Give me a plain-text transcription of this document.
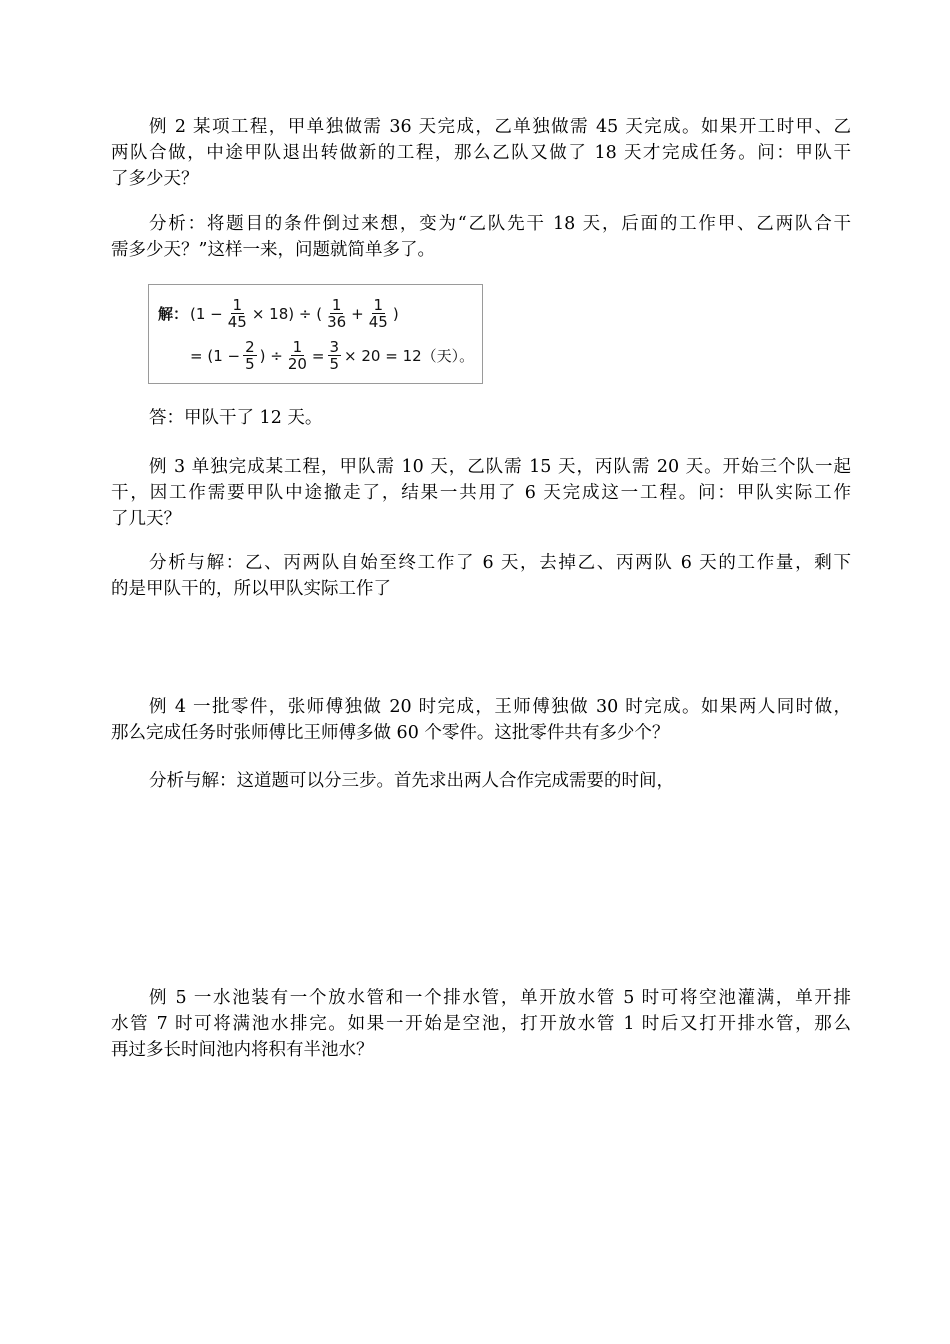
例 2 某项工程，甲单独做需 36 天完成，乙单独做需 45 天完成。如果开工时甲、乙
两队合做，中途甲队退出转做新的工程，那么乙队又做了 18 天才完成任务。问：甲队干
了多少天？

分析：将题目的条件倒过来想，变为“乙队先干 18 天，后面的工作甲、乙两队合干
需多少天？”这样一来，问题就简单多了。

解： $(1 - \frac{1}{45} \times 18)$ ÷ ( $\frac{1}{36} + \frac{1}{45}$ )
= ($1 - \frac{2}{5}$ ) ÷ $\frac{1}{20} = \frac{3}{5} \times 20 = 12$（天）。

答：甲队干了 12 天。

例 3 单独完成某工程，甲队需 10 天，乙队需 15 天，丙队需 20 天。开始三个队一起
干，因工作需要甲队中途撤走了，结果一共用了 6 天完成这一工程。问：甲队实际工作
了几天？

分析与解：乙、丙两队自始至终工作了 6 天，去掉乙、丙两队 6 天的工作量，剩下
的是甲队干的，所以甲队实际工作了

例 4 一批零件，张师傅独做 20 时完成，王师傅独做 30 时完成。如果两人同时做，
那么完成任务时张师傅比王师傅多做 60 个零件。这批零件共有多少个？

分析与解：这道题可以分三步。首先求出两人合作完成需要的时间，

例 5 一水池装有一个放水管和一个排水管，单开放水管 5 时可将空池灌满，单开排
水管 7 时可将满池水排完。如果一开始是空池，打开放水管 1 时后又打开排水管，那么
再过多长时间池内将积有半池水？
